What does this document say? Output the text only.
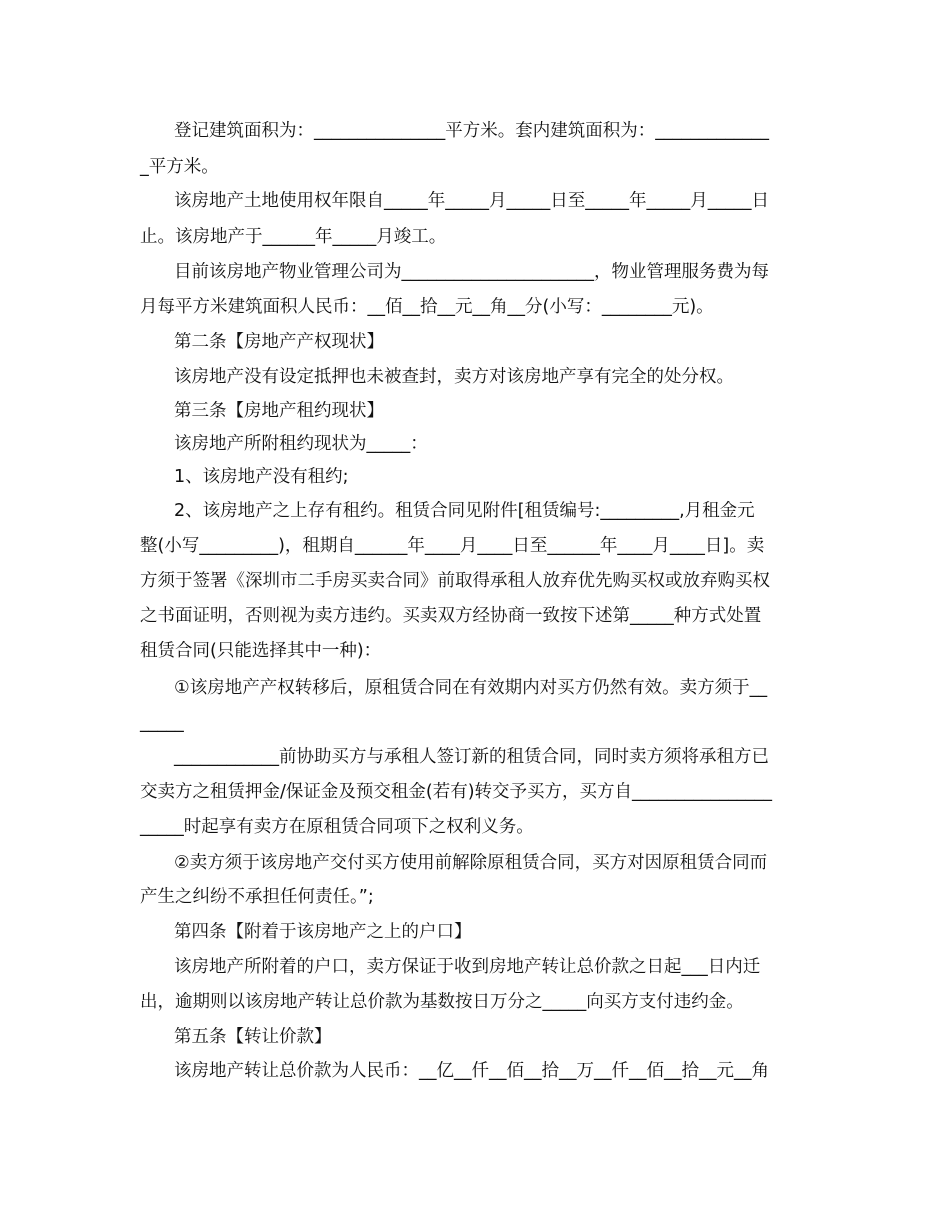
登记建筑面积为：_______________平方米。套内建筑面积为：_____________

_平方米。

该房地产土地使用权年限自_____年_____月_____日至_____年_____月_____日

止。该房地产于______年_____月竣工。

目前该房地产物业管理公司为______________________，物业管理服务费为每

月每平方米建筑面积人民币：__佰__拾__元__角__分(小写：________元)。

第二条【房地产产权现状】

该房地产没有设定抵押也未被查封，卖方对该房地产享有完全的处分权。

第三条【房地产租约现状】

该房地产所附租约现状为_____：

1、该房地产没有租约;

2、该房地产之上存有租约。租赁合同见附件[租赁编号:_________,月租金元

整(小写_________)，租期自______年____月____日至______年____月____日]。卖

方须于签署《深圳市二手房买卖合同》前取得承租人放弃优先购买权或放弃购买权

之书面证明，否则视为卖方违约。买卖双方经协商一致按下述第_____种方式处置

租赁合同(只能选择其中一种)：

①该房地产产权转移后，原租赁合同在有效期内对买方仍然有效。卖方须于__

_____

____________前协助买方与承租人签订新的租赁合同，同时卖方须将承租方已

交卖方之租赁押金/保证金及预交租金(若有)转交予买方，买方自________________

_____时起享有卖方在原租赁合同项下之权利义务。

②卖方须于该房地产交付买方使用前解除原租赁合同，买方对因原租赁合同而

产生之纠纷不承担任何责任。”;

第四条【附着于该房地产之上的户口】

该房地产所附着的户口，卖方保证于收到房地产转让总价款之日起___日内迁

出，逾期则以该房地产转让总价款为基数按日万分之_____向买方支付违约金。

第五条【转让价款】

该房地产转让总价款为人民币：__亿__仟__佰__拾__万__仟__佰__拾__元__角
